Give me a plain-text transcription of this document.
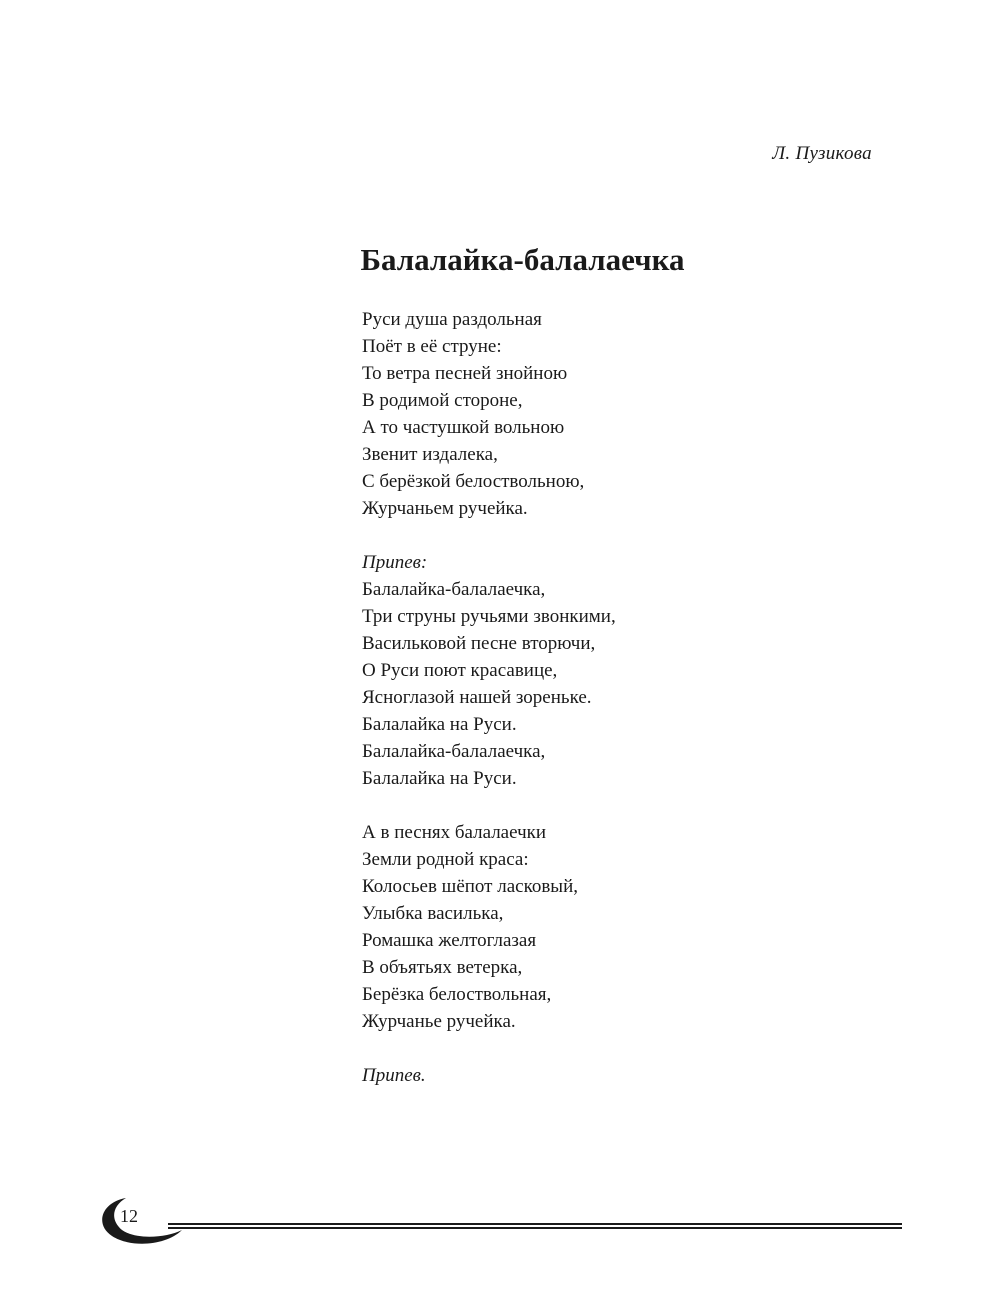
Л. Пузикова
Балалайка-балалаечка
Руси душа раздольная
Поёт в её струне:
То ветра песней знойною
В родимой стороне,
А то частушкой вольною
Звенит издалека,
С берёзкой белоствольною,
Журчаньем ручейка.
Припев:
Балалайка-балалаечка,
Три струны ручьями звонкими,
Васильковой песне вторючи,
О Руси поют красавице,
Ясноглазой нашей зореньке.
Балалайка на Руси.
Балалайка-балалаечка,
Балалайка на Руси.
А в песнях балалаечки
Земли родной краса:
Колосьев шёпот ласковый,
Улыбка василька,
Ромашка желтоглазая
В объятьях ветерка,
Берёзка белоствольная,
Журчанье ручейка.
Припев.
12
